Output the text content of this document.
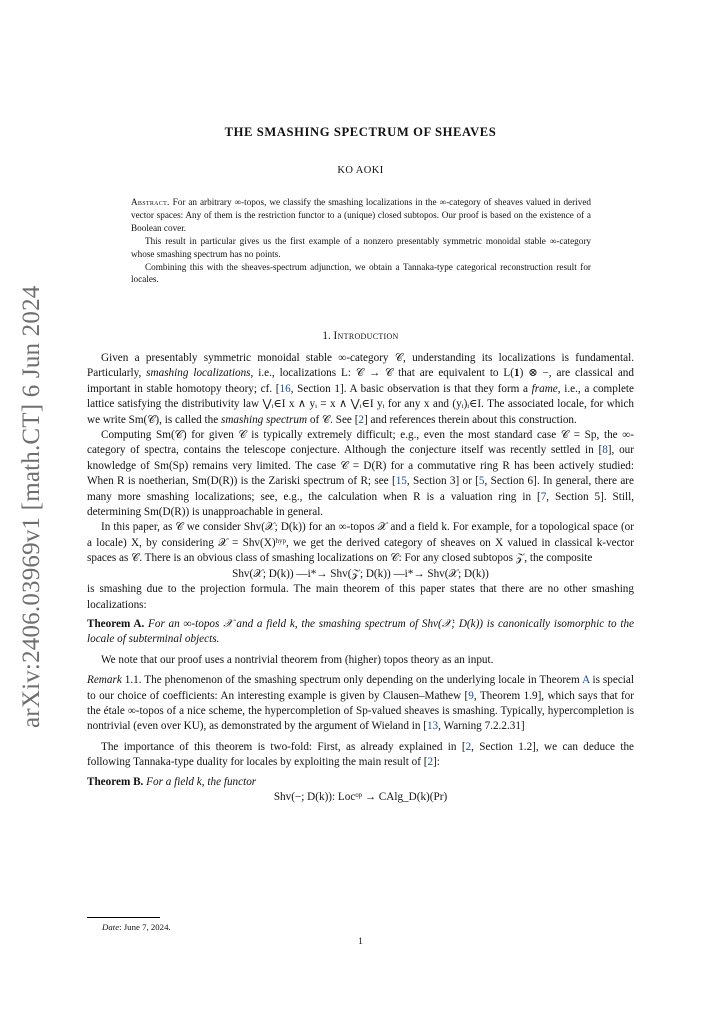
arXiv:2406.03969v1 [math.CT] 6 Jun 2024
THE SMASHING SPECTRUM OF SHEAVES
KO AOKI

Abstract. For an arbitrary ∞-topos, we classify the smashing localizations in the ∞-category of sheaves valued in derived vector spaces: Any of them is the restriction functor to a (unique) closed subtopos. Our proof is based on the existence of a Boolean cover.

This result in particular gives us the first example of a nonzero presentably symmetric monoidal stable ∞-category whose smashing spectrum has no points.

Combining this with the sheaves-spectrum adjunction, we obtain a Tannaka-type categorical reconstruction result for locales.

1. Introduction

Given a presentably symmetric monoidal stable ∞-category 𝒞, understanding its localizations is fundamental. Particularly, smashing localizations, i.e., localizations L: 𝒞 → 𝒞 that are equivalent to L(𝟏) ⊗ −, are classical and important in stable homotopy theory; cf. [16, Section 1]. A basic observation is that they form a frame, i.e., a complete lattice satisfying the distributivity law ⋁ᵢ∈I x ∧ yᵢ = x ∧ ⋁ᵢ∈I yᵢ for any x and (yᵢ)ᵢ∈I. The associated locale, for which we write Sm(𝒞), is called the smashing spectrum of 𝒞. See [2] and references therein about this construction.

Computing Sm(𝒞) for given 𝒞 is typically extremely difficult; e.g., even the most standard case 𝒞 = Sp, the ∞-category of spectra, contains the telescope conjecture. Although the conjecture itself was recently settled in [8], our knowledge of Sm(Sp) remains very limited. The case 𝒞 = D(R) for a commutative ring R has been actively studied: When R is noetherian, Sm(D(R)) is the Zariski spectrum of R; see [15, Section 3] or [5, Section 6]. In general, there are many more smashing localizations; see, e.g., the calculation when R is a valuation ring in [7, Section 5]. Still, determining Sm(D(R)) is unapproachable in general.

In this paper, as 𝒞 we consider Shv(𝒳; D(k)) for an ∞-topos 𝒳 and a field k. For example, for a topological space (or a locale) X, by considering 𝒳 = Shv(X)ʰʸᵖ, we get the derived category of sheaves on X valued in classical k-vector spaces as 𝒞. There is an obvious class of smashing localizations on 𝒞: For any closed subtopos 𝒵, the composite

Shv(𝒳; D(k)) —i*→ Shv(𝒵; D(k)) —i*→ Shv(𝒳; D(k))

is smashing due to the projection formula. The main theorem of this paper states that there are no other smashing localizations:

Theorem A. For an ∞-topos 𝒳 and a field k, the smashing spectrum of Shv(𝒳; D(k)) is canonically isomorphic to the locale of subterminal objects.

We note that our proof uses a nontrivial theorem from (higher) topos theory as an input.

Remark 1.1. The phenomenon of the smashing spectrum only depending on the underlying locale in Theorem A is special to our choice of coefficients: An interesting example is given by Clausen–Mathew [9, Theorem 1.9], which says that for the étale ∞-topos of a nice scheme, the hypercompletion of Sp-valued sheaves is smashing. Typically, hypercompletion is nontrivial (even over KU), as demonstrated by the argument of Wieland in [13, Warning 7.2.2.31]

The importance of this theorem is two-fold: First, as already explained in [2, Section 1.2], we can deduce the following Tannaka-type duality for locales by exploiting the main result of [2]:

Theorem B. For a field k, the functor

Shv(−; D(k)): Locᵒᵖ → CAlg_D(k)(Pr)

Date: June 7, 2024.
1
